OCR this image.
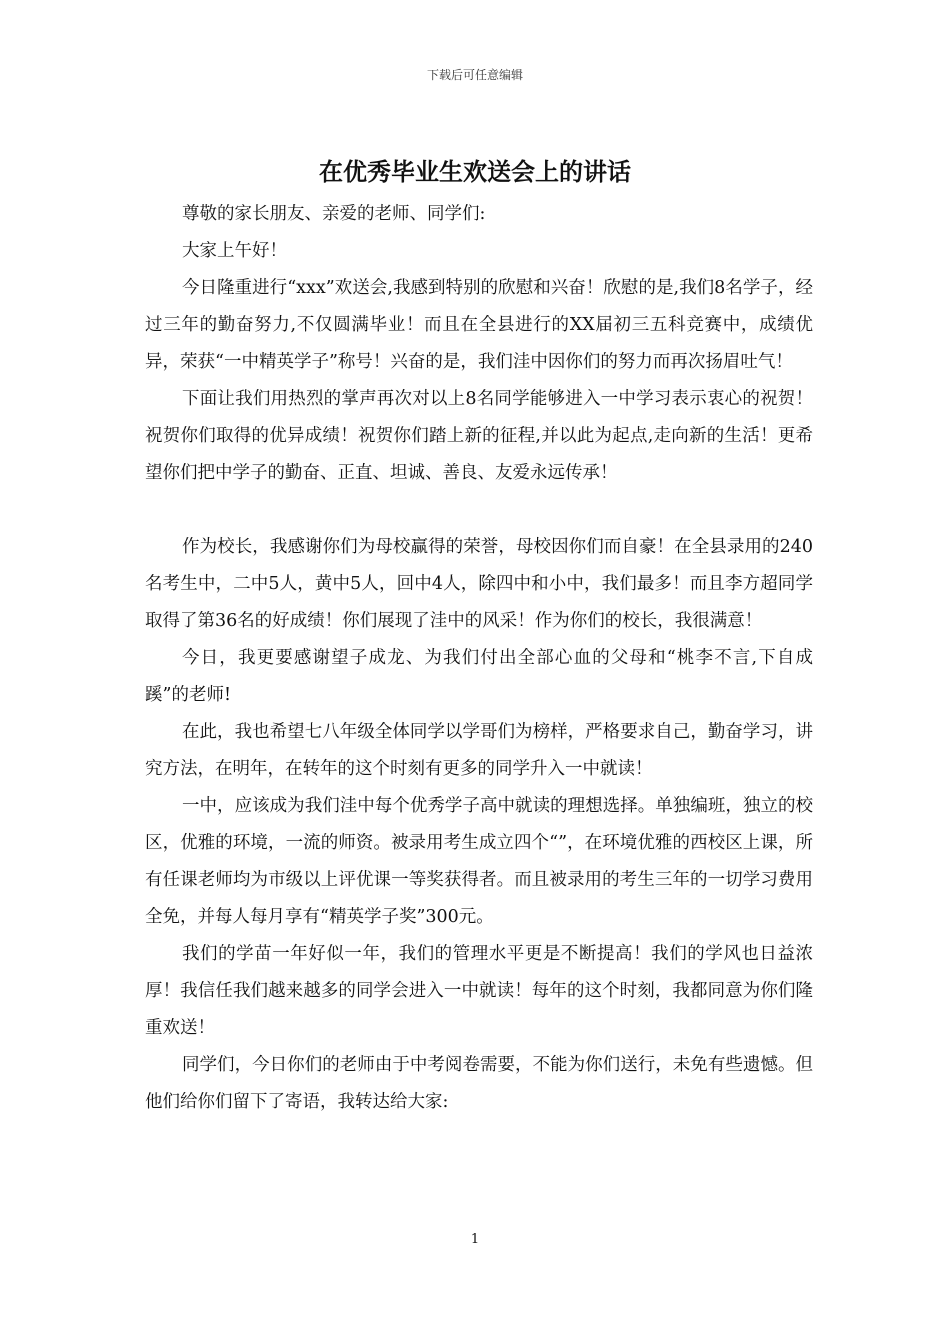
下载后可任意编辑
在优秀毕业生欢送会上的讲话

尊敬的家长朋友、亲爱的老师、同学们:

大家上午好！

今日隆重进行“xxx”欢送会,我感到特别的欣慰和兴奋！欣慰的是,我们8名学子，经过三年的勤奋努力,不仅圆满毕业！而且在全县进行的XX届初三五科竞赛中，成绩优异，荣获“一中精英学子”称号！兴奋的是，我们洼中因你们的努力而再次扬眉吐气！

下面让我们用热烈的掌声再次对以上8名同学能够进入一中学习表示衷心的祝贺！祝贺你们取得的优异成绩！祝贺你们踏上新的征程,并以此为起点,走向新的生活！更希望你们把中学子的勤奋、正直、坦诚、善良、友爱永远传承！

作为校长，我感谢你们为母校赢得的荣誉，母校因你们而自豪！在全县录用的240名考生中，二中5人，黄中5人，回中4人，除四中和小中，我们最多！而且李方超同学取得了第36名的好成绩！你们展现了洼中的风采！作为你们的校长，我很满意！

今日，我更要感谢望子成龙、为我们付出全部心血的父母和“桃李不言,下自成蹊”的老师!

在此，我也希望七八年级全体同学以学哥们为榜样，严格要求自己，勤奋学习，讲究方法，在明年，在转年的这个时刻有更多的同学升入一中就读！

一中，应该成为我们洼中每个优秀学子高中就读的理想选择。单独编班，独立的校区，优雅的环境，一流的师资。被录用考生成立四个“”，在环境优雅的西校区上课，所有任课老师均为市级以上评优课一等奖获得者。而且被录用的考生三年的一切学习费用全免，并每人每月享有“精英学子奖”300元。

我们的学苗一年好似一年，我们的管理水平更是不断提高！我们的学风也日益浓厚！我信任我们越来越多的同学会进入一中就读！每年的这个时刻，我都同意为你们隆重欢送！

同学们，今日你们的老师由于中考阅卷需要，不能为你们送行，未免有些遗憾。但他们给你们留下了寄语，我转达给大家:

1
